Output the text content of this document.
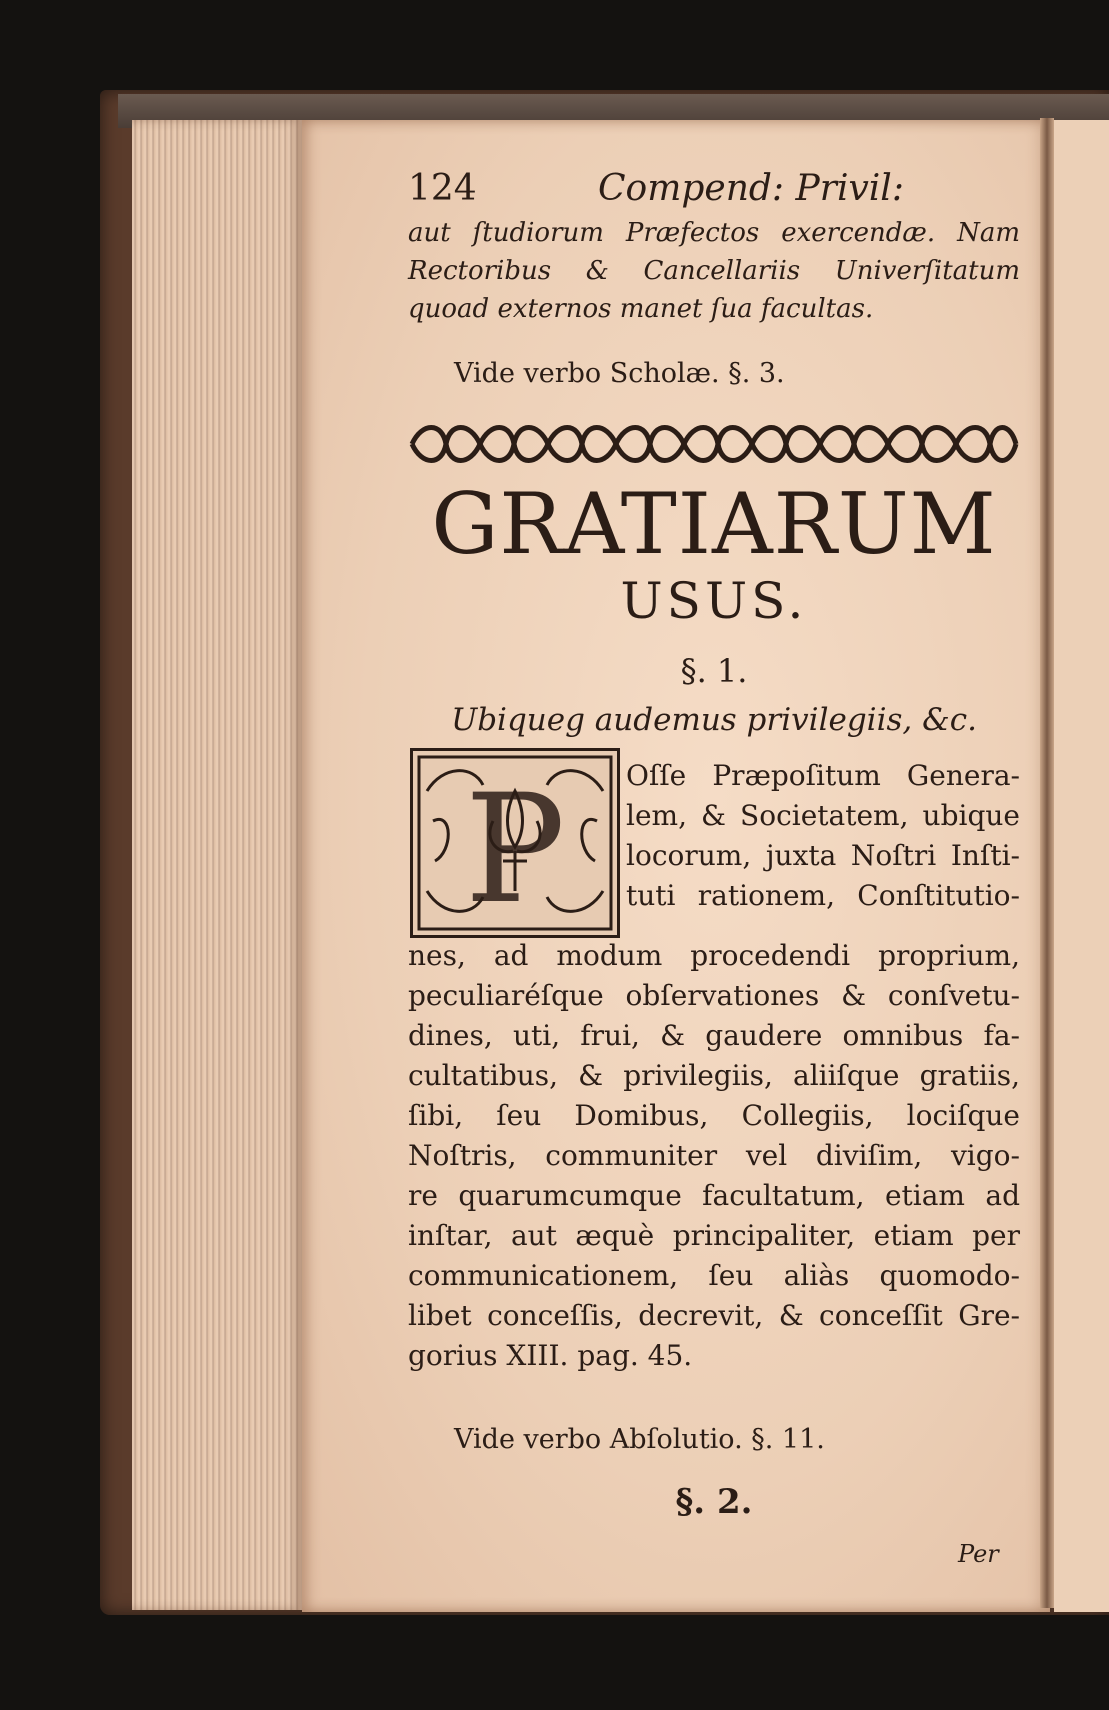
124	Compend: Privil:
aut ſtudiorum Præfectos exercendæ. Nam
Rectoribus & Cancellariis Univerſitatum
quoad externos manet ſua facultas.
Vide verbo Scholæ. §. 3.
GRATIARUM
USUS.
§. 1.
Ubiqueg audemus privilegiis, &c.
P Oſſe Præpoſitum Genera-
lem, & Societatem, ubique
locorum, juxta Noſtri Inſti-
tuti rationem, Conſtitutio-
nes, ad modum procedendi proprium,
peculiaréſque obſervationes & conſvetu-
dines, uti, frui, & gaudere omnibus fa-
cultatibus, & privilegiis, aliiſque gratiis,
ſibi, ſeu Domibus, Collegiis, lociſque
Noſtris, communiter vel diviſim, vigo-
re quarumcumque facultatum, etiam ad
inſtar, aut æquè principaliter, etiam per
communicationem, ſeu aliàs quomodo-
libet conceſſis, decrevit, & conceſſit Gre-
gorius XIII. pag. 45.
Vide verbo Abſolutio. §. 11.
§. 2.
Per
